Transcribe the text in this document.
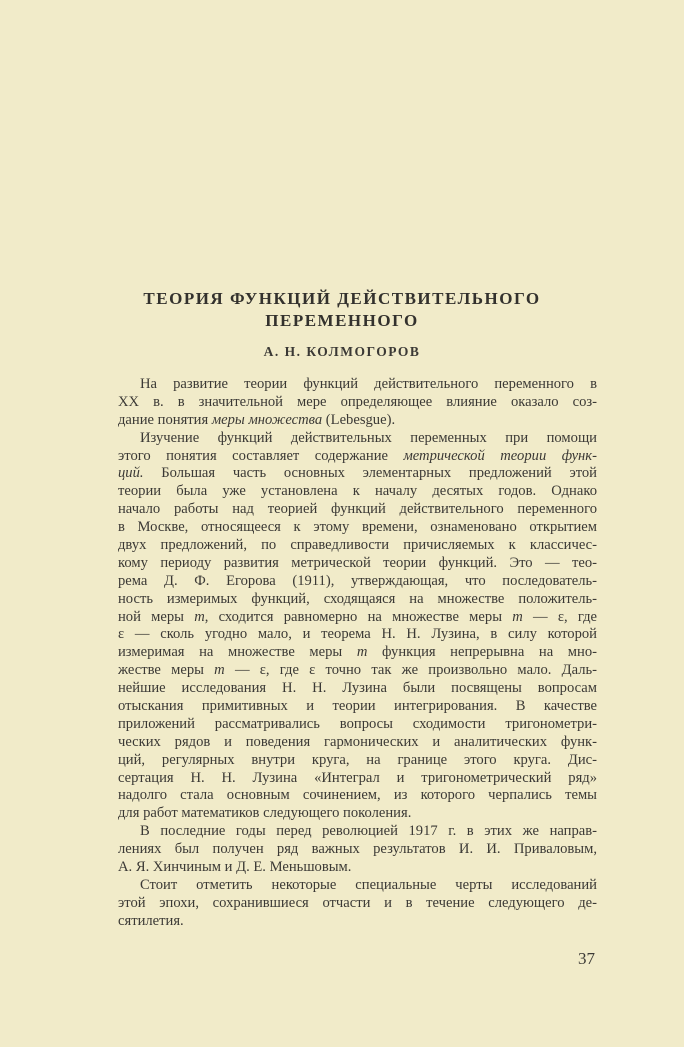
ТЕОРИЯ ФУНКЦИЙ ДЕЙСТВИТЕЛЬНОГО
ПЕРЕМЕННОГО
А. Н. КОЛМОГОРОВ
На развитие теории функций действительного переменного в
XX в. в значительной мере определяющее влияние оказало соз-
дание понятия меры множества (Lebesgue).
Изучение функций действительных переменных при помощи
этого понятия составляет содержание метрической теории функ-
ций. Большая часть основных элементарных предложений этой
теории была уже установлена к началу десятых годов. Однако
начало работы над теорией функций действительного переменного
в Москве, относящееся к этому времени, ознаменовано открытием
двух предложений, по справедливости причисляемых к классичес-
кому периоду развития метрической теории функций. Это — тео-
рема Д. Ф. Егорова (1911), утверждающая, что последователь-
ность измеримых функций, сходящаяся на множестве положитель-
ной меры m, сходится равномерно на множестве меры m — ε, где
ε — сколь угодно мало, и теорема Н. Н. Лузина, в силу которой
измеримая на множестве меры m функция непрерывна на мно-
жестве меры m — ε, где ε точно так же произвольно мало. Даль-
нейшие исследования Н. Н. Лузина были посвящены вопросам
отыскания примитивных и теории интегрирования. В качестве
приложений рассматривались вопросы сходимости тригонометри-
ческих рядов и поведения гармонических и аналитических функ-
ций, регулярных внутри круга, на границе этого круга. Дис-
сертация Н. Н. Лузина «Интеграл и тригонометрический ряд»
надолго стала основным сочинением, из которого черпались темы
для работ математиков следующего поколения.
В последние годы перед революцией 1917 г. в этих же направ-
лениях был получен ряд важных результатов И. И. Приваловым,
А. Я. Хинчиным и Д. Е. Меньшовым.
Стоит отметить некоторые специальные черты исследований
этой эпохи, сохранившиеся отчасти и в течение следующего де-
сятилетия.
37
